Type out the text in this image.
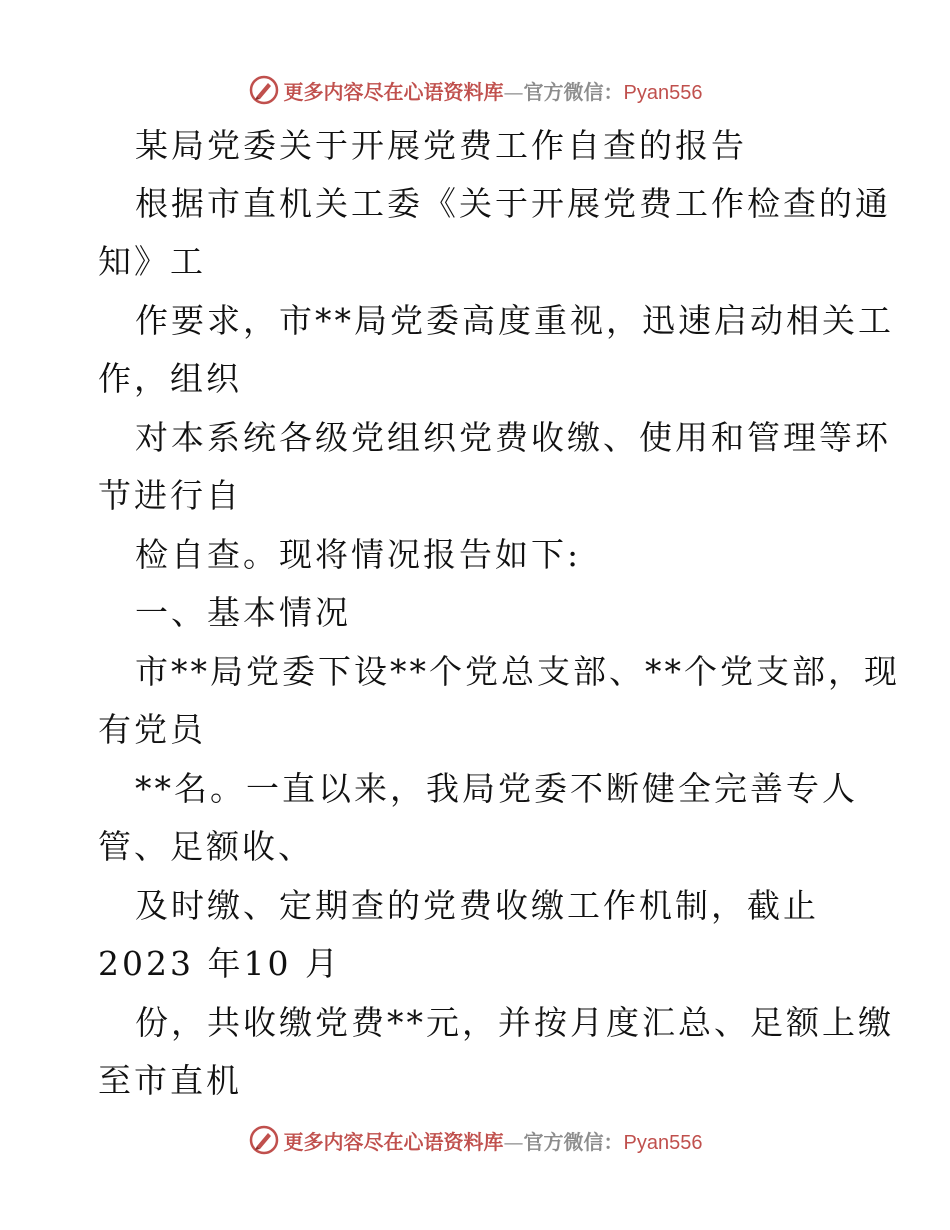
更多内容尽在心语资料库—官方微信：Pyan556
某局党委关于开展党费工作自查的报告
根据市直机关工委《关于开展党费工作检查的通
知》工
作要求，市**局党委高度重视，迅速启动相关工
作，组织
对本系统各级党组织党费收缴、使用和管理等环
节进行自
检自查。现将情况报告如下:
一、基本情况
市**局党委下设**个党总支部、**个党支部，现
有党员
**名。一直以来，我局党委不断健全完善专人
管、足额收、
及时缴、定期查的党费收缴工作机制，截止
2023 年10 月
份，共收缴党费**元，并按月度汇总、足额上缴
至市直机
更多内容尽在心语资料库—官方微信：Pyan556
